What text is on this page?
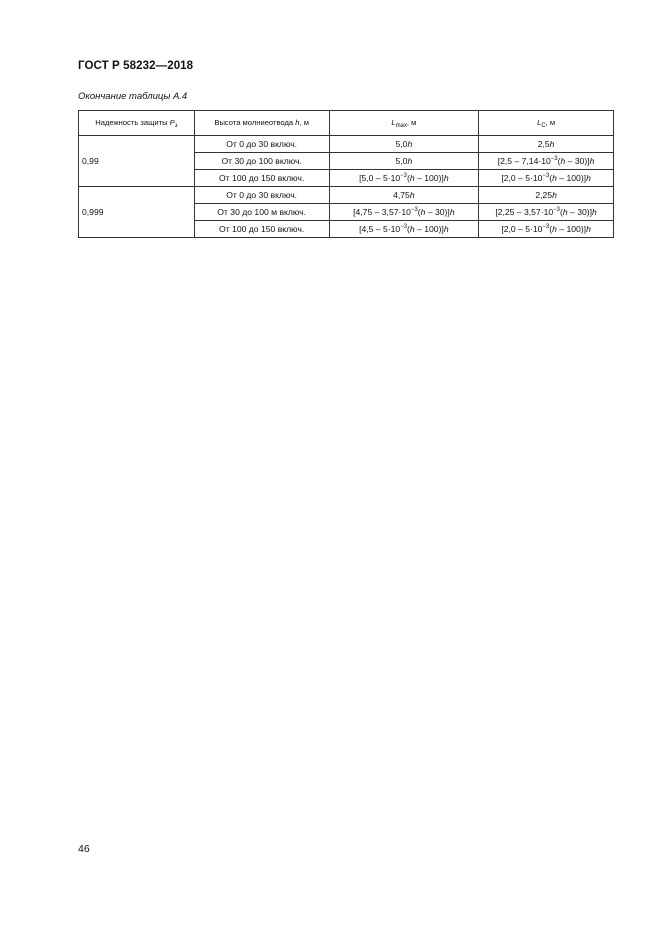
ГОСТ Р 58232—2018
Окончание таблицы А.4
Надежность защиты $P_з$	Высота молниеотвода h, м	$L_{max}$, м	$L_C$, м
0,99	От 0 до 30 включ.	5,0h	2,5h
	От 30 до 100 включ.	5,0h	$[2,5 - 7,14\cdot 10^{-3}(h - 30)]h$
	От 100 до 150 включ.	$[5,0 - 5\cdot 10^{-3}(h - 100)]h$	$[2,0 - 5\cdot 10^{-3}(h - 100)]h$
0,999	От 0 до 30 включ.	4,75h	2,25h
	От 30 до 100 м включ.	$[4,75 - 3,57\cdot 10^{-3}(h - 30)]h$	$[2,25 - 3,57\cdot 10^{-3}(h - 30)]h$
	От 100 до 150 включ.	$[4,5 - 5\cdot 10^{-3}(h - 100)]h$	$[2,0 - 5\cdot 10^{-3}(h - 100)]h$
46
